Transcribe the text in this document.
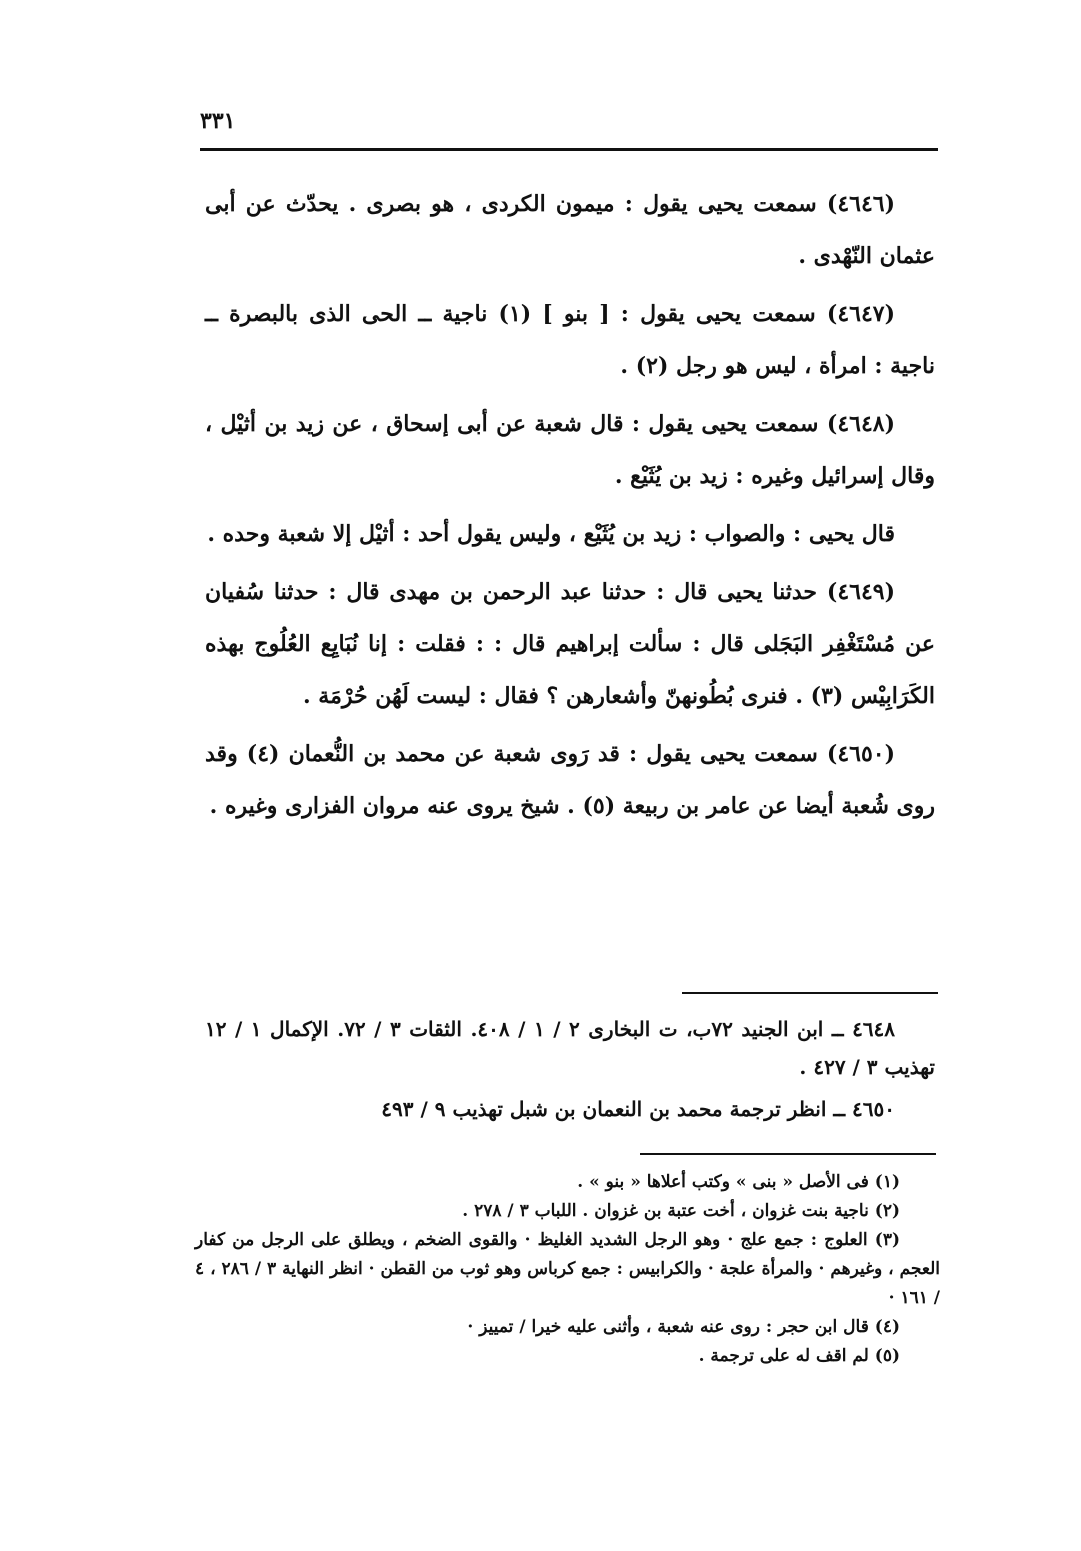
٣٣١

(٤٦٤٦) سمعت يحيى يقول : ميمون الكردى ، هو بصرى . يحدّث عن أبى عثمان النّهْدى .

(٤٦٤٧) سمعت يحيى يقول : [ بنو ] (١) ناجية ــ الحى الذى بالبصرة ــ ناجية : امرأة ، ليس هو رجل (٢) .

(٤٦٤٨) سمعت يحيى يقول : قال شعبة عن أبى إسحاق ، عن زيد بن أثيْل ، وقال إسرائيل وغيره : زيد بن يُثَيْع .

قال يحيى : والصواب : زيد بن يُثَيْع ، وليس يقول أحد : أثيْل إلا شعبة وحده .

(٤٦٤٩) حدثنا يحيى قال : حدثنا عبد الرحمن بن مهدى قال : حدثنا سُفيان عن مُسْتَغْفِر البَجَلى قال : سألت إبراهيم قال : : فقلت : إنا نُبَايِع العُلُوج بهذه الكَرَابِيْس (٣) . فنرى بُطُونهنّ وأشعارهن ؟ فقال : ليست لَهُن حُرْمَة .

(٤٦٥٠) سمعت يحيى يقول : قد رَوى شعبة عن محمد بن النُّعمان (٤) وقد روى شُعبة أيضا عن عامر بن ربيعة (٥) . شيخ يروى عنه مروان الفزارى وغيره .

٤٦٤٨ ــ ابن الجنيد ٧٢ب، ت البخارى ٢ / ١ / ٤٠٨. الثقات ٣ / ٧٢. الإكمال ١ / ١٢ تهذيب ٣ / ٤٢٧ .

٤٦٥٠ ــ انظر ترجمة محمد بن النعمان بن شبل تهذيب ٩ / ٤٩٣

(١) فى الأصل « بنى » وكتب أعلاها « بنو » .

(٢) ناجية بنت غزوان ، أخت عتبة بن غزوان . اللباب ٣ / ٢٧٨ .

(٣) العلوج : جمع علج · وهو الرجل الشديد الغليظ · والقوى الضخم ، ويطلق على الرجل من كفار العجم ، وغيرهم · والمرأة علجة · والكرابيس : جمع كرباس وهو ثوب من القطن · انظر النهاية ٣ / ٢٨٦ ، ٤ / ١٦١ ·

(٤) قال ابن حجر : روى عنه شعبة ، وأثنى عليه خيرا / تمييز ·

(٥) لم اقف له على ترجمة .
